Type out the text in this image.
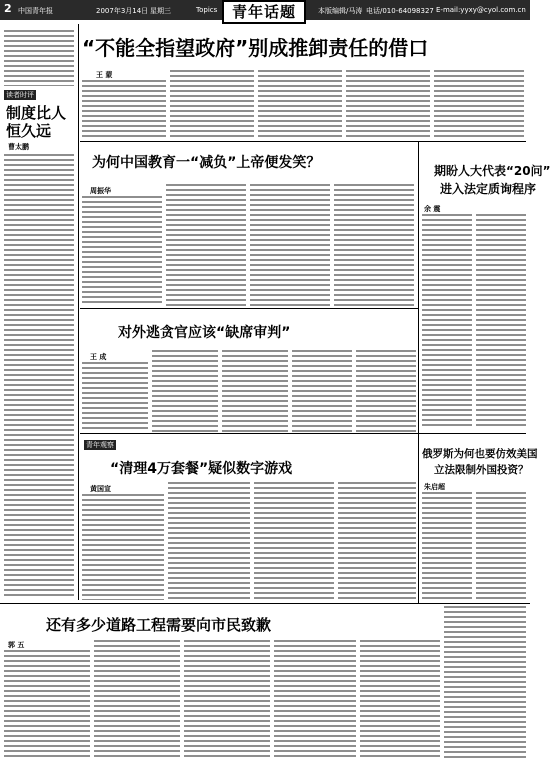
2 中国青年报	2007年3月14日 星期三	Topics	本版编辑/马涛 电话/010-64098327 E-mail:yyxy@cyol.com.cn
青年话题
读者时评
制度比人
恒久远
曹太鹏
“不能全指望政府”别成推卸责任的借口
王 蒙
为何中国教育一“减负”上帝便发笑？
周振华
期盼人大代表“20问”
进入法定质询程序
余 震
对外逃贪官应该“缺席审判”
王 成
俄罗斯为何也要仿效美国
立法限制外国投资？
朱启超
青年观察
“清理4万套餐”疑似数字游戏
黄国宣
还有多少道路工程需要向市民致歉
郭 五
